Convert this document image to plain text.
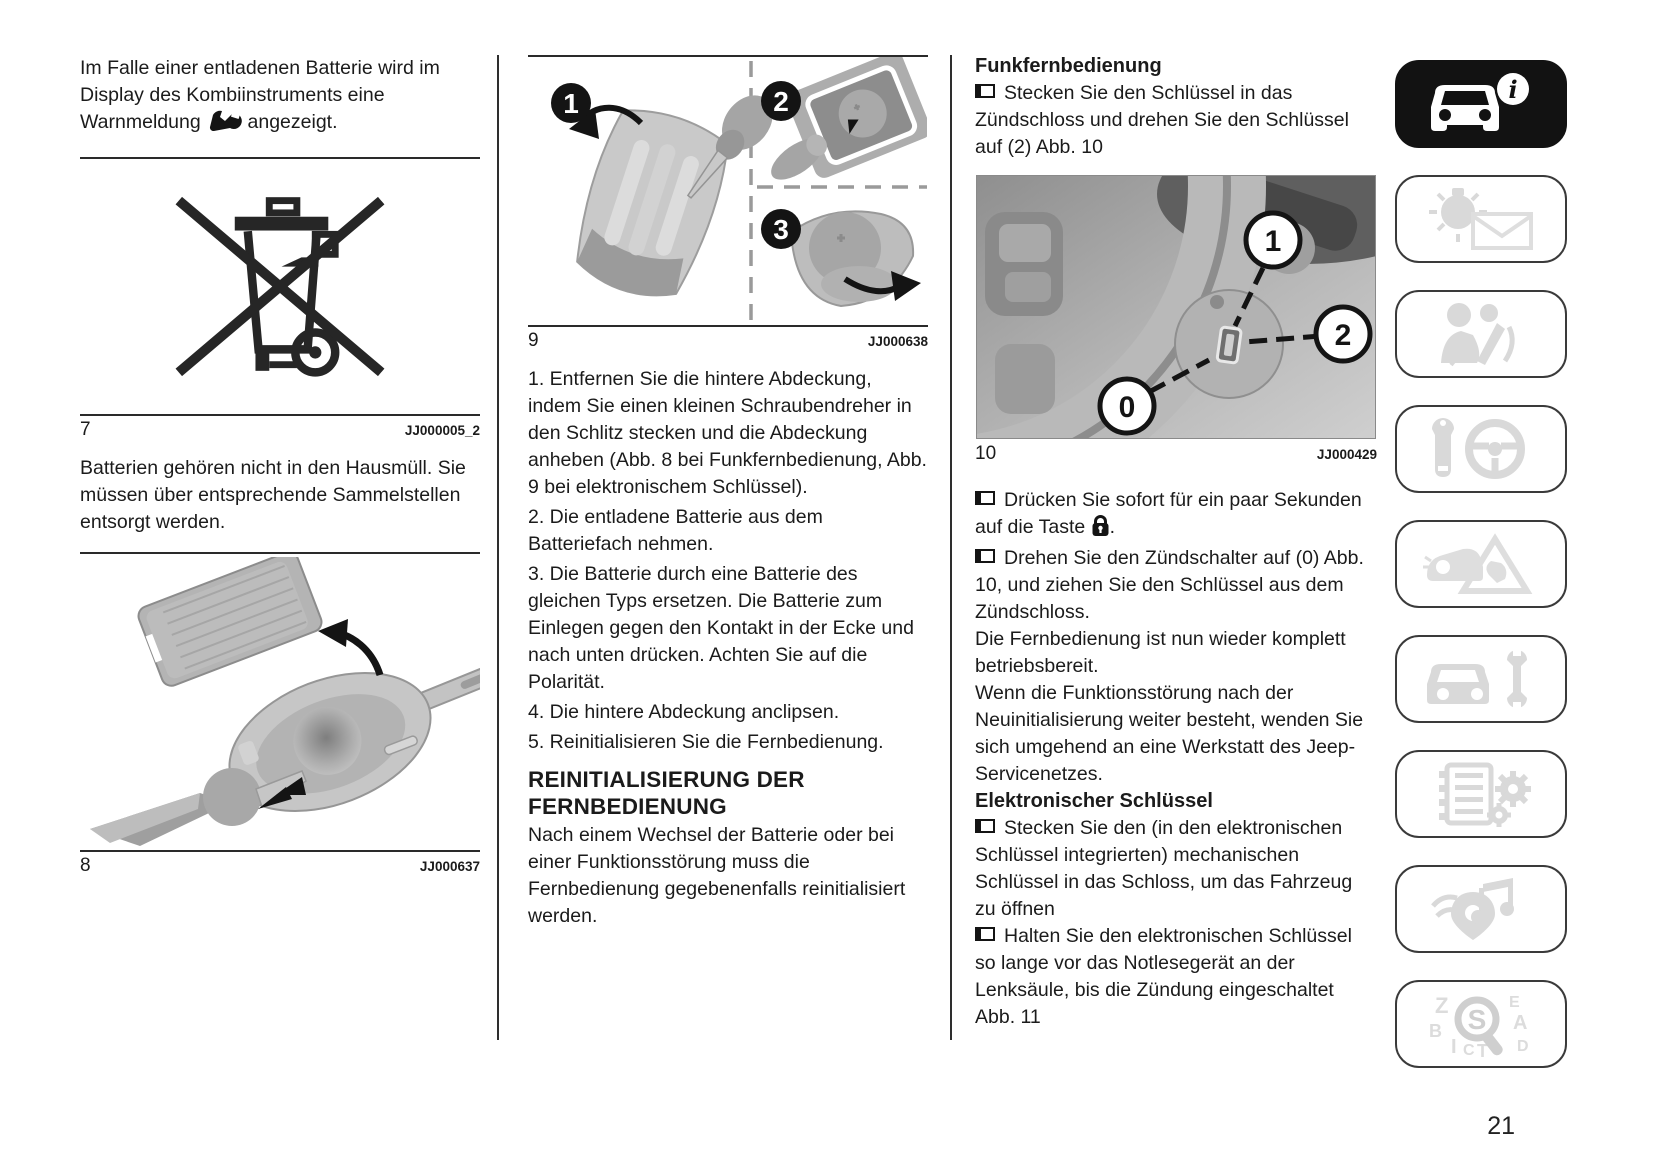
Im Falle einer entladenen Batterie wird im Display des Kombiinstruments eine Warnmeldung  angezeigt.

7	JJ000005_2

Batterien gehören nicht in den Hausmüll. Sie müssen über entsprechende Sammelstellen entsorgt werden.

8	JJ000637
1	2
3
9	JJ000638

1. Entfernen Sie die hintere Abdeckung, indem Sie einen kleinen Schraubendreher in den Schlitz stecken und die Abdeckung anheben (Abb. 8 bei Funkfernbedienung, Abb. 9 bei elektronischem Schlüssel).

2. Die entladene Batterie aus dem Batteriefach nehmen.

3. Die Batterie durch eine Batterie des gleichen Typs ersetzen. Die Batterie zum Einlegen gegen den Kontakt in der Ecke und nach unten drücken. Achten Sie auf die Polarität.

4. Die hintere Abdeckung anclipsen.

5. Reinitialisieren Sie die Fernbedienung.

REINITIALISIERUNG DER FERNBEDIENUNG

Nach einem Wechsel der Batterie oder bei einer Funktionsstörung muss die Fernbedienung gegebenenfalls reinitialisiert werden.

Funkfernbedienung

Stecken Sie den Schlüssel in das Zündschloss und drehen Sie den Schlüssel auf (2) Abb. 10

1
2
0
10	JJ000429

Drücken Sie sofort für ein paar Sekunden auf die Taste .

Drehen Sie den Zündschalter auf (0) Abb. 10, und ziehen Sie den Schlüssel aus dem Zündschloss.

Die Fernbedienung ist nun wieder komplett betriebsbereit.

Wenn die Funktionsstörung nach der Neuinitialisierung weiter besteht, wenden Sie sich umgehend an eine Werkstatt des Jeep-Servicenetzes.

Elektronischer Schlüssel

Stecken Sie den (in den elektronischen Schlüssel integrierten) mechanischen Schlüssel in das Schloss, um das Fahrzeug zu öffnen

Halten Sie den elektronischen Schlüssel so lange vor das Notlesegerät an der Lenksäule, bis die Zündung eingeschaltet Abb. 11

i
Z	E
B	A
D
I C T
S
21
